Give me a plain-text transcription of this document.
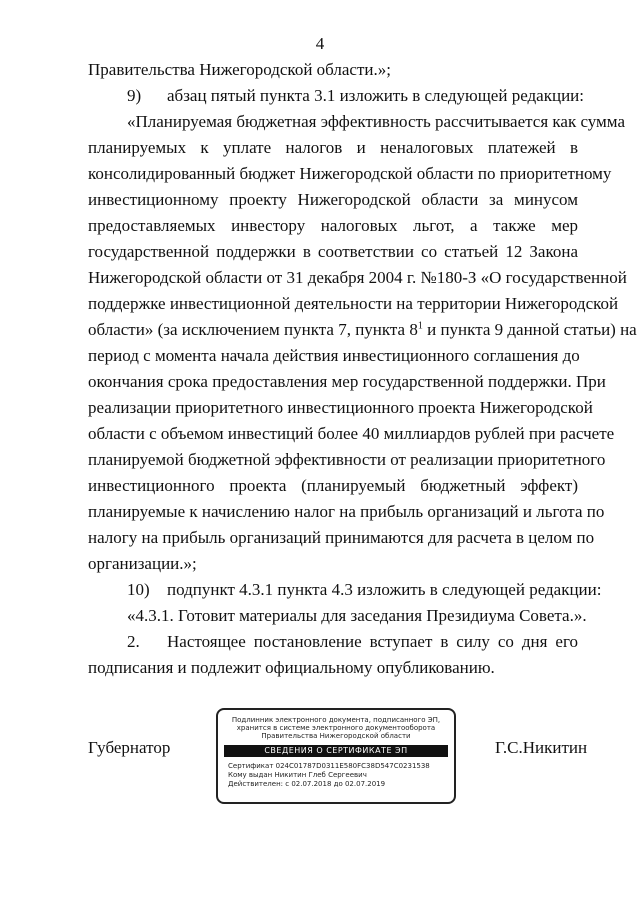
4
Правительства Нижегородской области.»;
9) абзац пятый пункта 3.1 изложить в следующей редакции:
«Планируемая бюджетная эффективность рассчитывается как сумма
планируемых к уплате налогов и неналоговых платежей в
консолидированный бюджет Нижегородской области по приоритетному
инвестиционному проекту Нижегородской области за минусом
предоставляемых инвестору налоговых льгот, а также мер
государственной поддержки в соответствии со статьей 12 Закона
Нижегородской области от 31 декабря 2004 г. №180-З «О государственной
поддержке инвестиционной деятельности на территории Нижегородской
области» (за исключением пункта 7, пункта $8^1$ и пункта 9 данной статьи) на
период с момента начала действия инвестиционного соглашения до
окончания срока предоставления мер государственной поддержки. При
реализации приоритетного инвестиционного проекта Нижегородской
области с объемом инвестиций более 40 миллиардов рублей при расчете
планируемой бюджетной эффективности от реализации приоритетного
инвестиционного проекта (планируемый бюджетный эффект)
планируемые к начислению налог на прибыль организаций и льгота по
налогу на прибыль организаций принимаются для расчета в целом по
организации.»;
10) подпункт 4.3.1 пункта 4.3 изложить в следующей редакции:
«4.3.1. Готовит материалы для заседания Президиума Совета.».
2. Настоящее постановление вступает в силу со дня его
подписания и подлежит официальному опубликованию.
Губернатор
Подлинник электронного документа, подписанного ЭП,
хранится в системе электронного документооборота
Правительства Нижегородской области
СВЕДЕНИЯ О СЕРТИФИКАТЕ ЭП
Сертификат 024C01787D0311E580FC38D547C0231538
Кому выдан Никитин Глеб Сергеевич
Действителен: с 02.07.2018 до 02.07.2019
Г.С.Никитин
